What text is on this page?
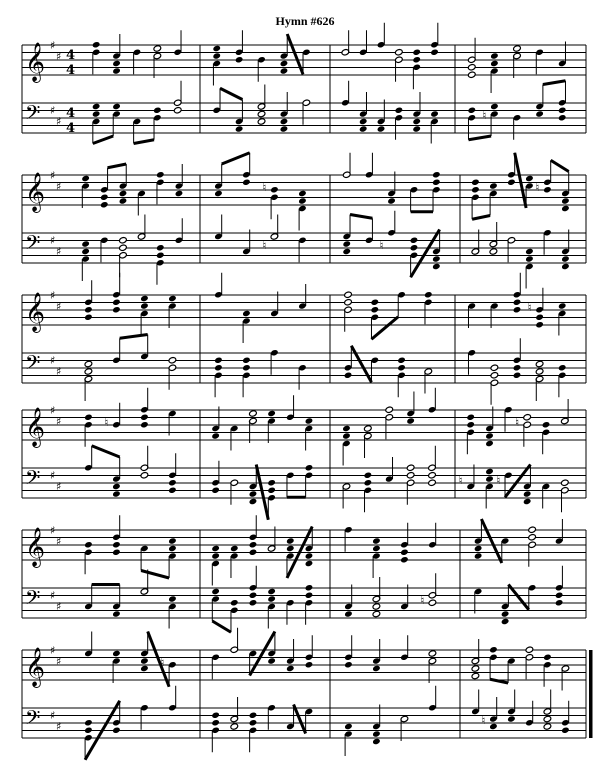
Hymn #626
𝄞
𝄢
♯
♯
♯
♯
4
4
4
4
♮
𝄞
𝄢
♯
♯
♯
♯
♮
♮	♮
♮
𝄞
𝄢
♯
♯
♯
♯
♮
𝄞
𝄢
♯
♯
♯
♯
♮	♮
♮	♮
𝄞
𝄢
♯
♯
♯
♯	♮
𝄞
𝄢
♯
♯
♯
♯
♮
♮
